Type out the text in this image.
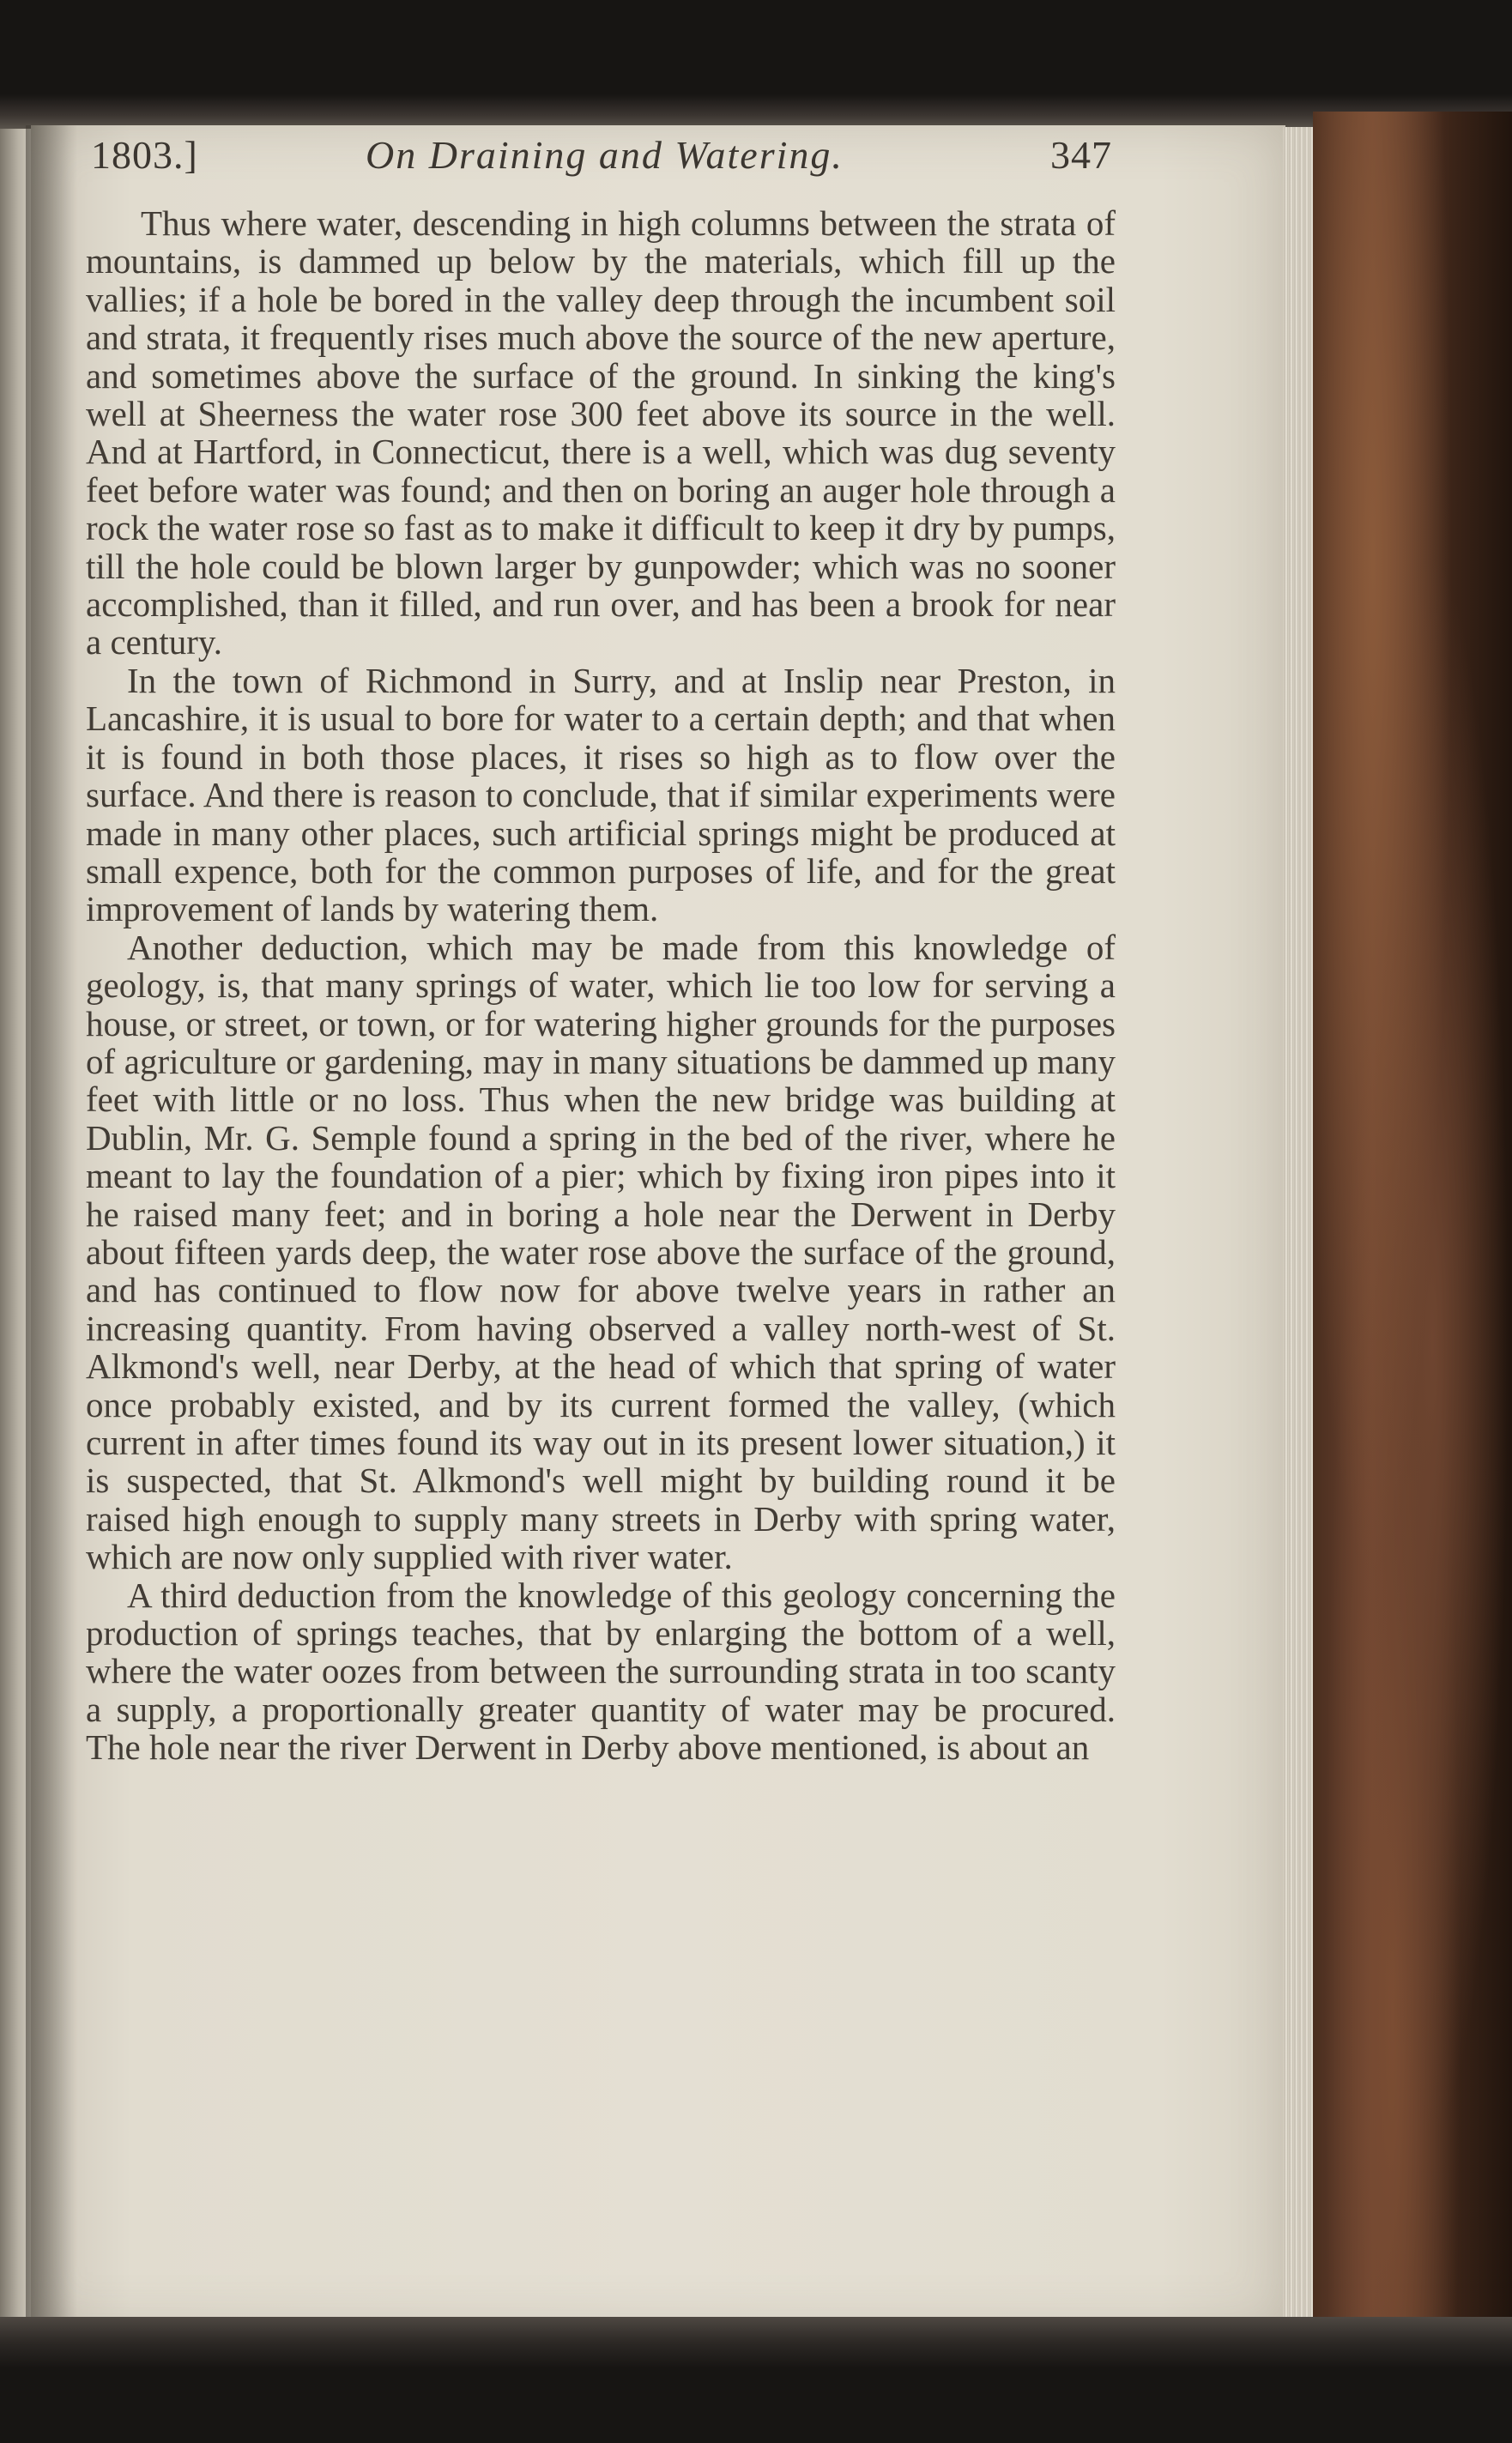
1803.]	On Draining and Watering.	347

Thus where water, descending in high columns between the strata of mountains, is dammed up below by the materials, which fill up the vallies; if a hole be bored in the valley deep through the incumbent soil and strata, it frequently rises much above the source of the new aperture, and sometimes above the surface of the ground. In sinking the king's well at Sheerness the water rose 300 feet above its source in the well. And at Hartford, in Connecticut, there is a well, which was dug seventy feet before water was found; and then on boring an auger hole through a rock the water rose so fast as to make it difficult to keep it dry by pumps, till the hole could be blown larger by gunpowder; which was no sooner accomplished, than it filled, and run over, and has been a brook for near a century.

In the town of Richmond in Surry, and at Inslip near Preston, in Lancashire, it is usual to bore for water to a certain depth; and that when it is found in both those places, it rises so high as to flow over the surface. And there is reason to conclude, that if similar experiments were made in many other places, such artificial springs might be produced at small expence, both for the common purposes of life, and for the great improvement of lands by watering them.

Another deduction, which may be made from this knowledge of geology, is, that many springs of water, which lie too low for serving a house, or street, or town, or for watering higher grounds for the purposes of agriculture or gardening, may in many situations be dammed up many feet with little or no loss. Thus when the new bridge was building at Dublin, Mr. G. Semple found a spring in the bed of the river, where he meant to lay the foundation of a pier; which by fixing iron pipes into it he raised many feet; and in boring a hole near the Derwent in Derby about fifteen yards deep, the water rose above the surface of the ground, and has continued to flow now for above twelve years in rather an increasing quantity. From having observed a valley north-west of St. Alkmond's well, near Derby, at the head of which that spring of water once probably existed, and by its current formed the valley, (which current in after times found its way out in its present lower situation,) it is suspected, that St. Alkmond's well might by building round it be raised high enough to supply many streets in Derby with spring water, which are now only supplied with river water.

A third deduction from the knowledge of this geology concerning the production of springs teaches, that by enlarging the bottom of a well, where the water oozes from between the surrounding strata in too scanty a supply, a proportionally greater quantity of water may be procured. The hole near the river Derwent in Derby above mentioned, is about an
